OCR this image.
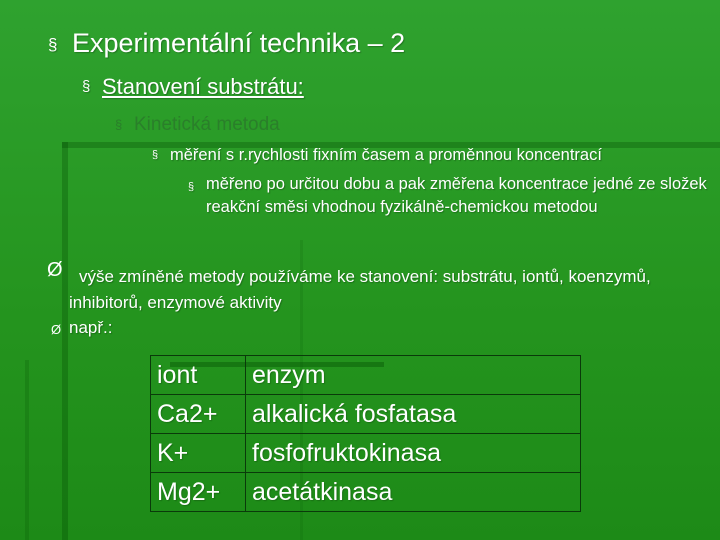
§ Experimentální technika – 2
§ Stanovení substrátu:
§ Kinetická metoda
§ měření s r.rychlosti fixním časem a proměnnou koncentrací
§ měřeno po určitou dobu a pak změřena koncentrace jedné ze složek reakční směsi vhodnou fyzikálně-chemickou metodou
Ø výše zmíněné metody používáme ke stanovení: substrátu, iontů, koenzymů, inhibitorů, enzymové aktivity
Ø např.:
iont	enzym
Ca2+	alkalická fosfatasa
K+	fosfofruktokinasa
Mg2+	acetátkinasa
